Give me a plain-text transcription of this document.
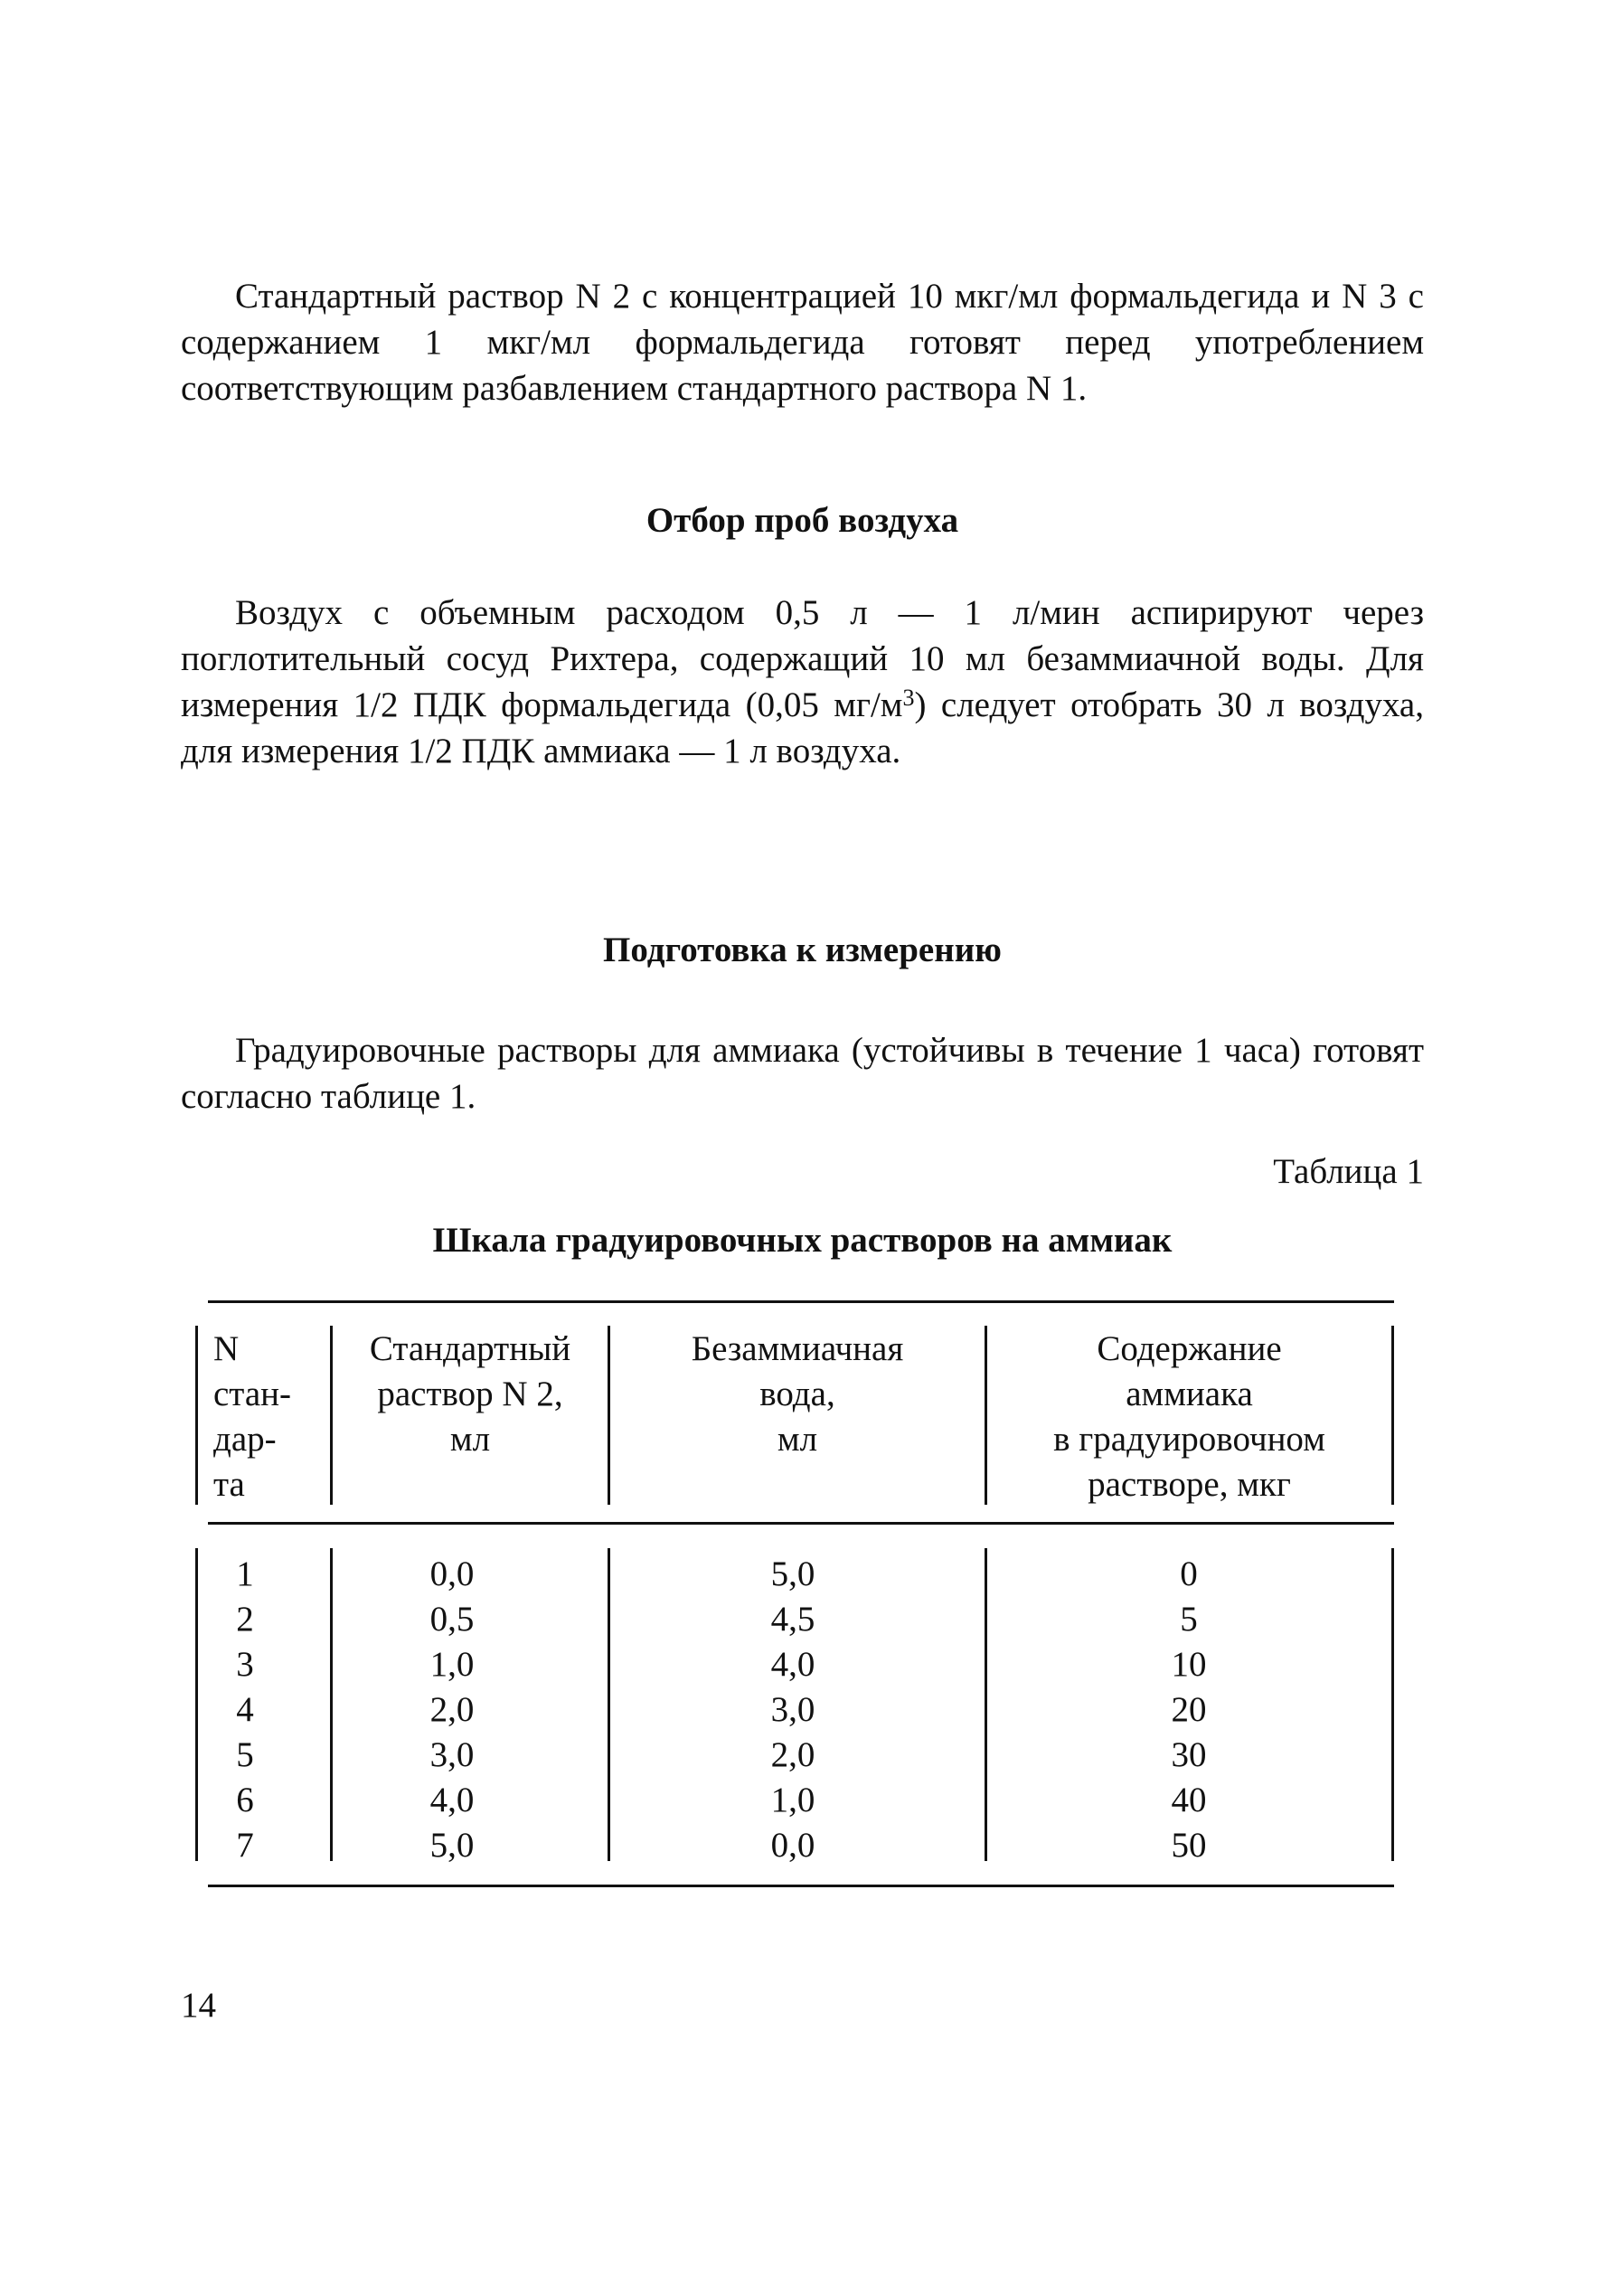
Стандартный раствор N 2 с концентрацией 10 мкг/мл формальдегида и N 3 с содержанием 1 мкг/мл формальдегида готовят перед употреблением соответствующим разбавлением стандартного раствора N 1.
Отбор проб воздуха
Воздух с объемным расходом 0,5 л — 1 л/мин аспирируют через поглотительный сосуд Рихтера, содержащий 10 мл безаммиачной воды. Для измерения 1/2 ПДК формальдегида (0,05 $мг/м^3$) следует отобрать 30 л воздуха, для измерения 1/2 ПДК аммиака — 1 л воздуха.
Подготовка к измерению
Градуировочные растворы для аммиака (устойчивы в течение 1 часа) готовят согласно таблице 1.
Таблица 1
Шкала градуировочных растворов на аммиак
N
стан-
дар-
та
Стандартный
раствор N 2,
мл
Безаммиачная
вода,
мл
Содержание
аммиака
в градуировочном
растворе, мкг
1
2
3
4
5
6
7
0,0
0,5
1,0
2,0
3,0
4,0
5,0
5,0
4,5
4,0
3,0
2,0
1,0
0,0
0
5
10
20
30
40
50
14
